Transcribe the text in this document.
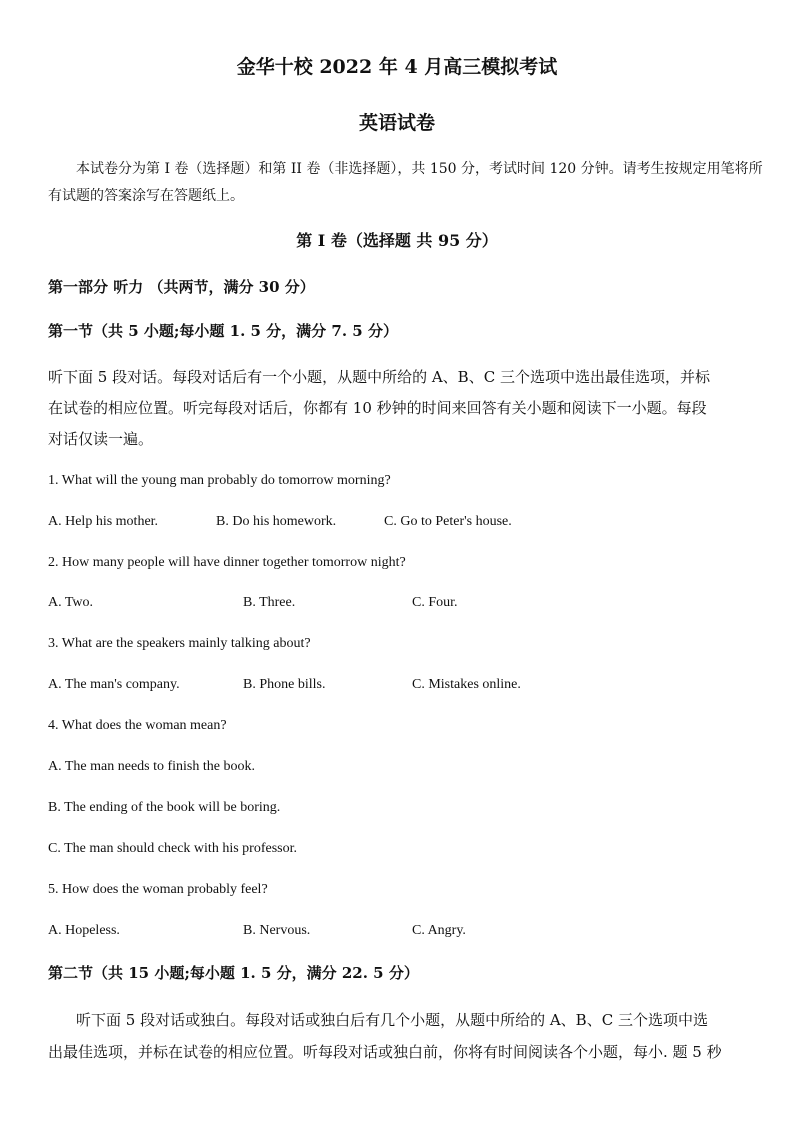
金华十校 2022 年 4 月高三模拟考试
英语试卷
本试卷分为第 I 卷（选择题）和第 II 卷（非选择题），共 150 分，考试时间 120 分钟。请考生按规定用笔将所
有试题的答案涂写在答题纸上。
第 I 卷（选择题 共 95 分）
第一部分 听力 （共两节，满分 30 分）
第一节（共 5 小题;每小题 1. 5 分，满分 7. 5 分）
听下面 5 段对话。每段对话后有一个小题，从题中所给的 A、B、C 三个选项中选出最佳选项，并标
在试卷的相应位置。听完每段对话后，你都有 10 秒钟的时间来回答有关小题和阅读下一小题。每段
对话仅读一遍。
1. What will the young man probably do tomorrow morning?
A. Help his mother.	B. Do his homework.	C. Go to Peter's house.
2. How many people will have dinner together tomorrow night?
A. Two.	B. Three.	C. Four.
3. What are the speakers mainly talking about?
A. The man's company.	B. Phone bills.	C. Mistakes online.
4. What does the woman mean?
A. The man needs to finish the book.
B. The ending of the book will be boring.
C. The man should check with his professor.
5. How does the woman probably feel?
A. Hopeless.	B. Nervous.	C. Angry.
第二节（共 15 小题;每小题 1. 5 分，满分 22. 5 分）
听下面 5 段对话或独白。每段对话或独白后有几个小题，从题中所给的 A、B、C 三个选项中选
出最佳选项，并标在试卷的相应位置。听每段对话或独白前，你将有时间阅读各个小题，每小. 题 5 秒
